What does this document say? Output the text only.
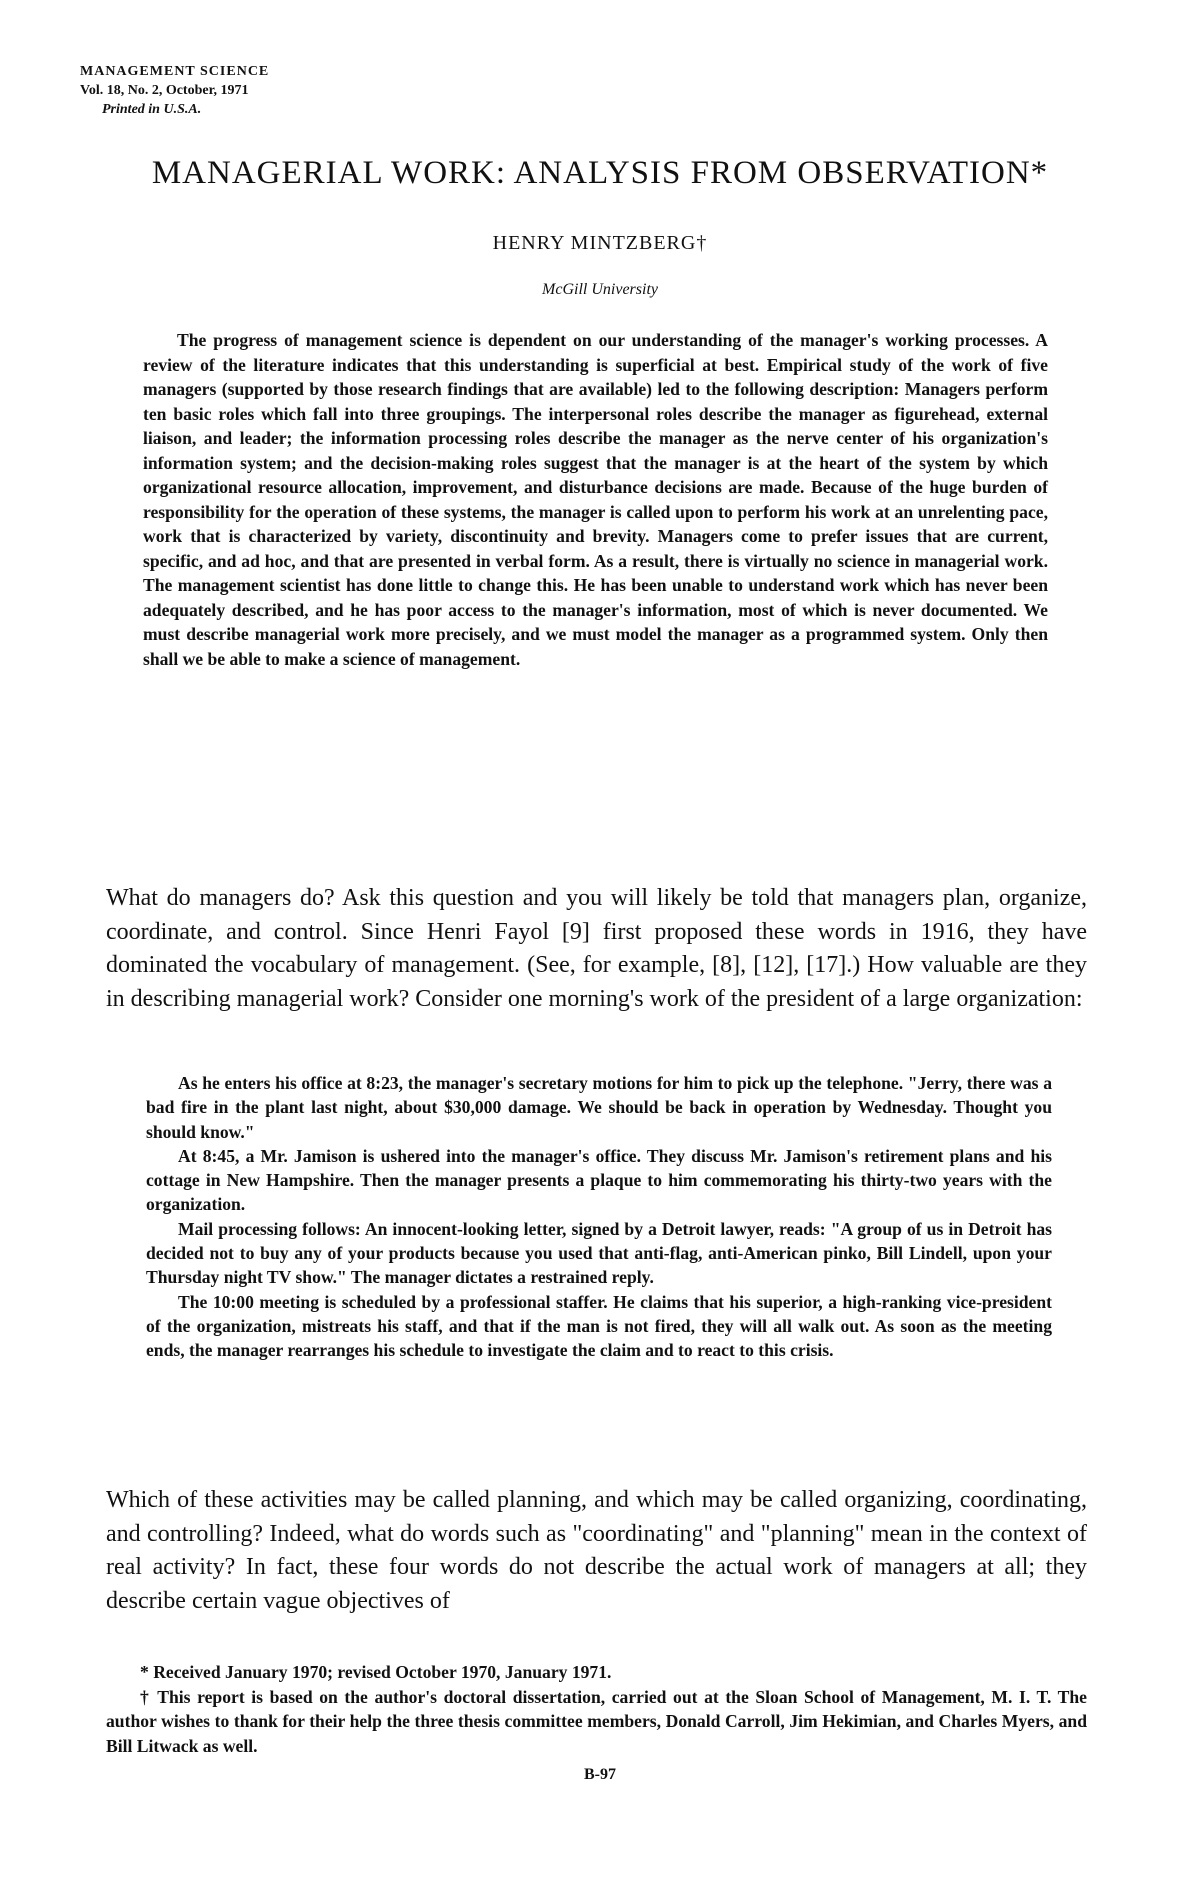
MANAGEMENT SCIENCE
Vol. 18, No. 2, October, 1971
Printed in U.S.A.
MANAGERIAL WORK: ANALYSIS FROM OBSERVATION*
HENRY MINTZBERG†
McGill University

The progress of management science is dependent on our understanding of the manager's working processes. A review of the literature indicates that this understanding is superficial at best. Empirical study of the work of five managers (supported by those research findings that are available) led to the following description: Managers perform ten basic roles which fall into three groupings. The interpersonal roles describe the manager as figurehead, external liaison, and leader; the information processing roles describe the manager as the nerve center of his organization's information system; and the decision-making roles suggest that the manager is at the heart of the system by which organizational resource allocation, improvement, and disturbance decisions are made. Because of the huge burden of responsibility for the operation of these systems, the manager is called upon to perform his work at an unrelenting pace, work that is characterized by variety, discontinuity and brevity. Managers come to prefer issues that are current, specific, and ad hoc, and that are presented in verbal form. As a result, there is virtually no science in managerial work. The management scientist has done little to change this. He has been unable to understand work which has never been adequately described, and he has poor access to the manager's information, most of which is never documented. We must describe managerial work more precisely, and we must model the manager as a programmed system. Only then shall we be able to make a science of management.

What do managers do? Ask this question and you will likely be told that managers plan, organize, coordinate, and control. Since Henri Fayol [9] first proposed these words in 1916, they have dominated the vocabulary of management. (See, for example, [8], [12], [17].) How valuable are they in describing managerial work? Consider one morning's work of the president of a large organization:

As he enters his office at 8:23, the manager's secretary motions for him to pick up the telephone. "Jerry, there was a bad fire in the plant last night, about $30,000 damage. We should be back in operation by Wednesday. Thought you should know."

At 8:45, a Mr. Jamison is ushered into the manager's office. They discuss Mr. Jamison's retirement plans and his cottage in New Hampshire. Then the manager presents a plaque to him commemorating his thirty-two years with the organization.

Mail processing follows: An innocent-looking letter, signed by a Detroit lawyer, reads: "A group of us in Detroit has decided not to buy any of your products because you used that anti-flag, anti-American pinko, Bill Lindell, upon your Thursday night TV show." The manager dictates a restrained reply.

The 10:00 meeting is scheduled by a professional staffer. He claims that his superior, a high-ranking vice-president of the organization, mistreats his staff, and that if the man is not fired, they will all walk out. As soon as the meeting ends, the manager rearranges his schedule to investigate the claim and to react to this crisis.

Which of these activities may be called planning, and which may be called organizing, coordinating, and controlling? Indeed, what do words such as "coordinating" and "planning" mean in the context of real activity? In fact, these four words do not describe the actual work of managers at all; they describe certain vague objectives of

* Received January 1970; revised October 1970, January 1971.

† This report is based on the author's doctoral dissertation, carried out at the Sloan School of Management, M. I. T. The author wishes to thank for their help the three thesis committee members, Donald Carroll, Jim Hekimian, and Charles Myers, and Bill Litwack as well.

B-97
